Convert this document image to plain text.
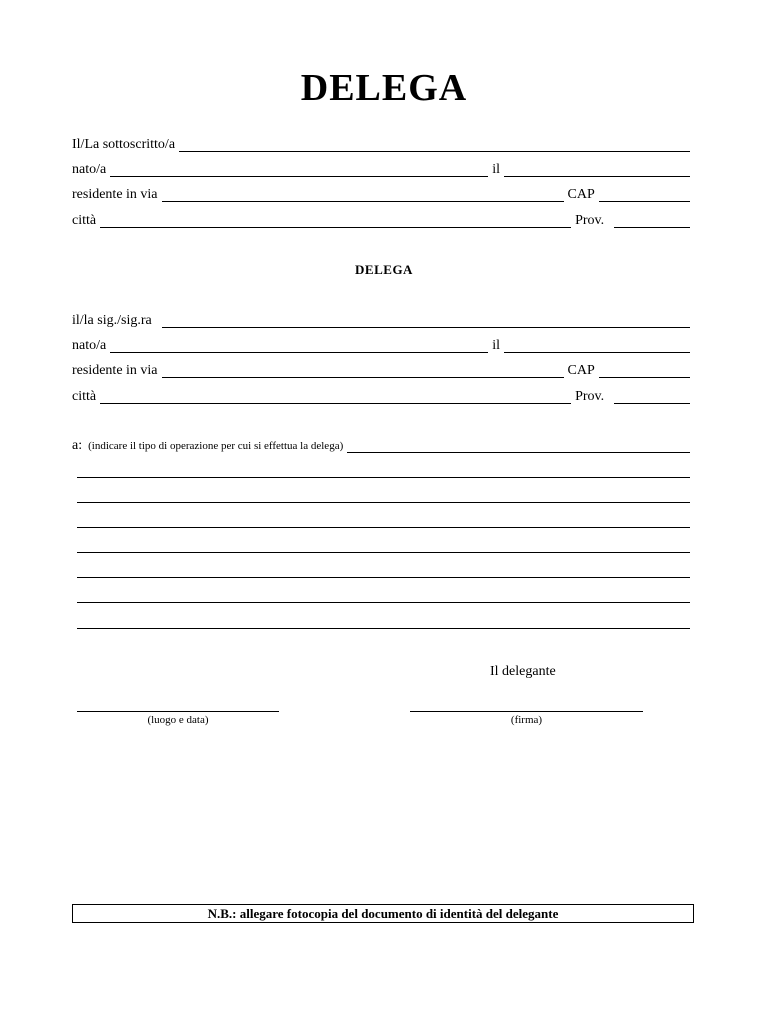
DELEGA
Il/La sottoscritto/a
nato/a	il
residente in via	CAP
città	Prov.
DELEGA
il/la sig./sig.ra
nato/a	il
residente in via	CAP
città	Prov.
a: (indicare il tipo di operazione per cui si effettua la delega)
Il delegante
(luogo e data)	(firma)
N.B.: allegare fotocopia del documento di identità del delegante
